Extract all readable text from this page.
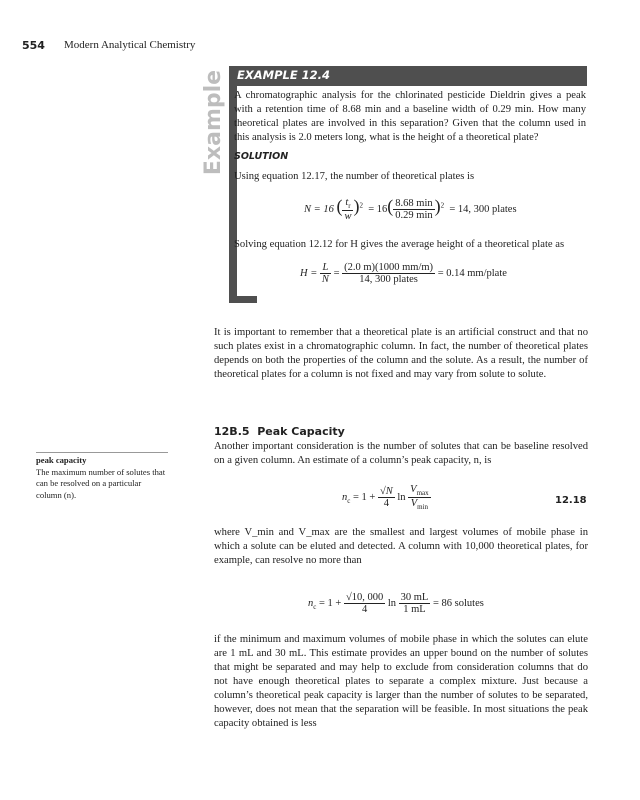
554 Modern Analytical Chemistry
Example EXAMPLE 12.4
A chromatographic analysis for the chlorinated pesticide Dieldrin gives a peak with a retention time of 8.68 min and a baseline width of 0.29 min. How many theoretical plates are involved in this separation? Given that the column used in this analysis is 2.0 meters long, what is the height of a theoretical plate?
SOLUTION
Using equation 12.17, the number of theoretical plates is
N = 16 ( $\frac{t_r}{w} )^2 = 16( \frac{8.68 \min}{0.29 \min} )^2 = 14$, 300 plates
Solving equation 12.12 for H gives the average height of a theoretical plate as
$H = \frac{L}{N} = \frac{(2.0 m)(1000 mm/m)}{\text{14, 300 plates}} = 0.14$ mm/plate
It is important to remember that a theoretical plate is an artificial construct and that no such plates exist in a chromatographic column. In fact, the number of theoretical plates depends on both the properties of the column and the solute. As a result, the number of theoretical plates for a column is not fixed and may vary from solute to solute.
12B.5 Peak Capacity
Another important consideration is the number of solutes that can be baseline resolved on a given column. An estimate of a column’s peak capacity, n, is
peak capacity
The maximum number of solutes that can be resolved on a particular column (n).	$n_c = 1 + \frac{√N}{4}$ $\ln \frac{V_{max}}{V_{min}}$	12.18
where V_min and V_max are the smallest and largest volumes of mobile phase in which a solute can be eluted and detected. A column with 10,000 theoretical plates, for example, can resolve no more than
$n_c = 1 + \frac{√10, 000}{4}$ $\ln \frac{30 mL}{1 mL} = 86$ solutes
if the minimum and maximum volumes of mobile phase in which the solutes can elute are 1 mL and 30 mL. This estimate provides an upper bound on the number of solutes that might be separated and may help to exclude from consideration columns that do not have enough theoretical plates to separate a complex mixture. Just because a column’s theoretical peak capacity is larger than the number of solutes to be separated, however, does not mean that the separation will be feasible. In most situations the peak capacity obtained is less
